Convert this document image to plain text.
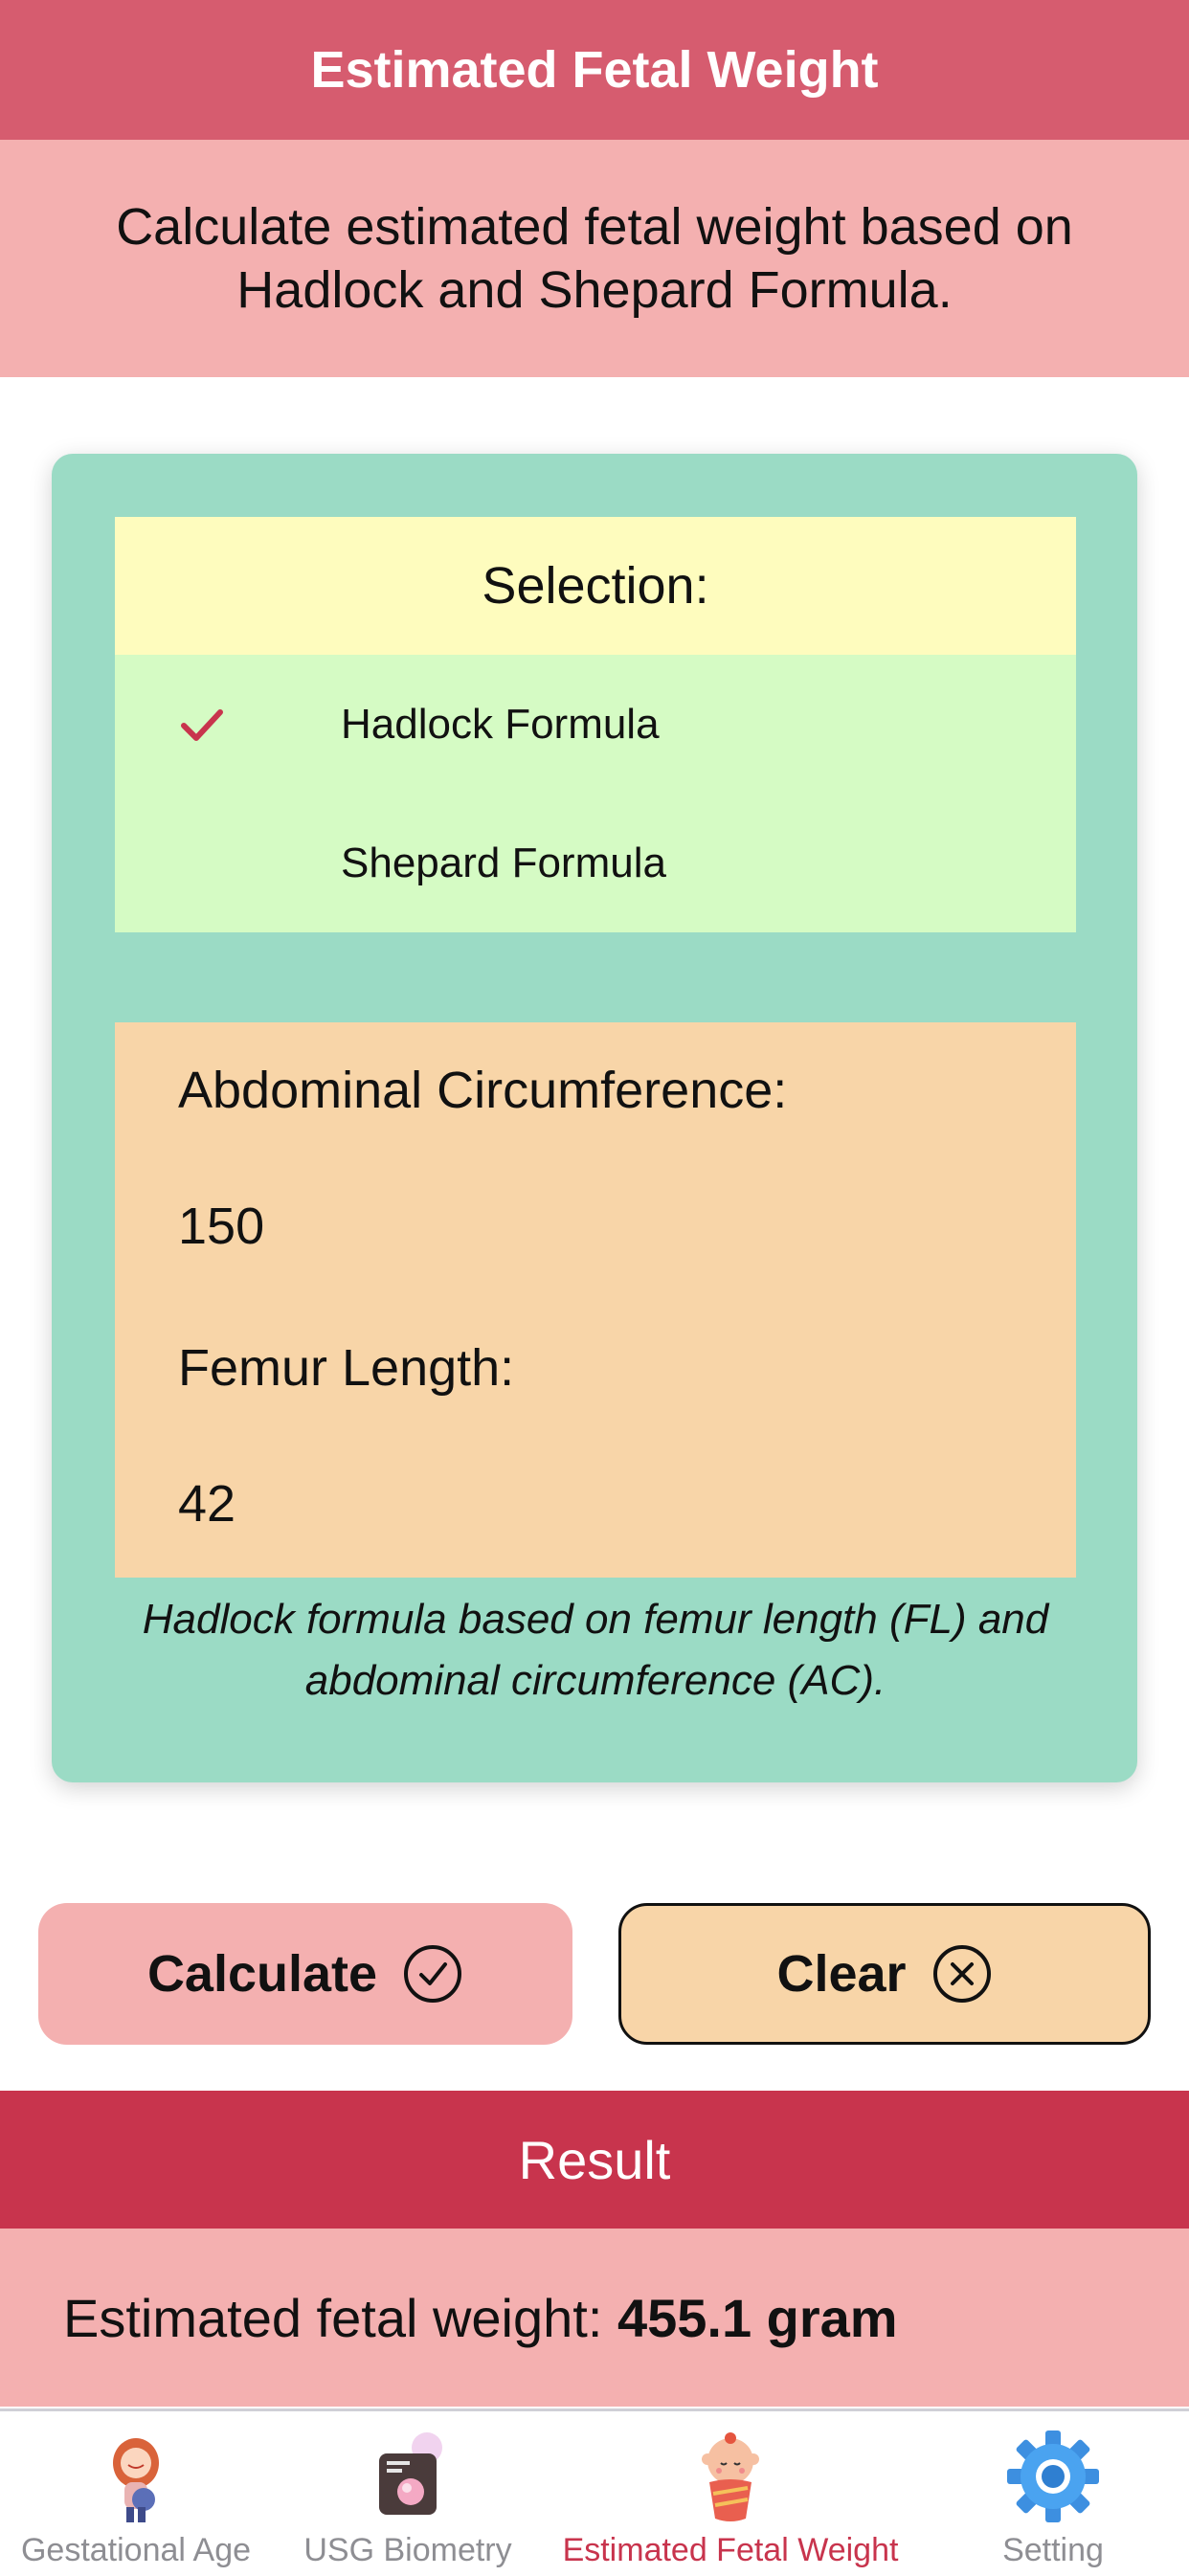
Estimated Fetal Weight
Calculate estimated fetal weight based on Hadlock and Shepard Formula.
Selection:
Hadlock Formula
Shepard Formula
Abdominal Circumference:
150
Femur Length:
42
Hadlock formula based on femur length (FL) and abdominal circumference (AC).
Calculate	Clear
Result
Estimated fetal weight: 455.1 gram
Gestational Age USG Biometry Estimated Fetal Weight	Setting
